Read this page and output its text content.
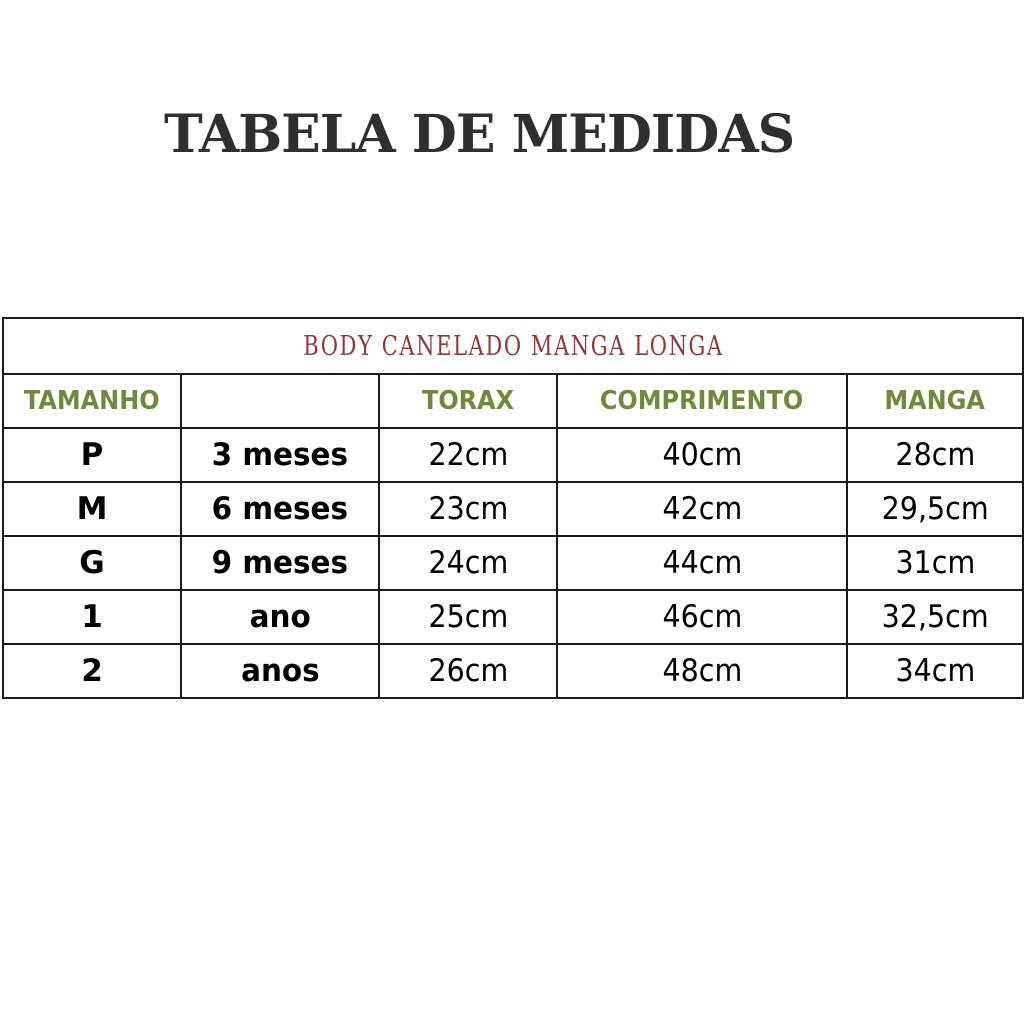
TABELA DE MEDIDAS
BODY CANELADO MANGA LONGA				
TAMANHO		TORAX	COMPRIMENTO	MANGA
P	3 meses	22cm	40cm	28cm
M	6 meses	23cm	42cm	29,5cm
G	9 meses	24cm	44cm	31cm
1	ano	25cm	46cm	32,5cm
2	anos	26cm	48cm	34cm
